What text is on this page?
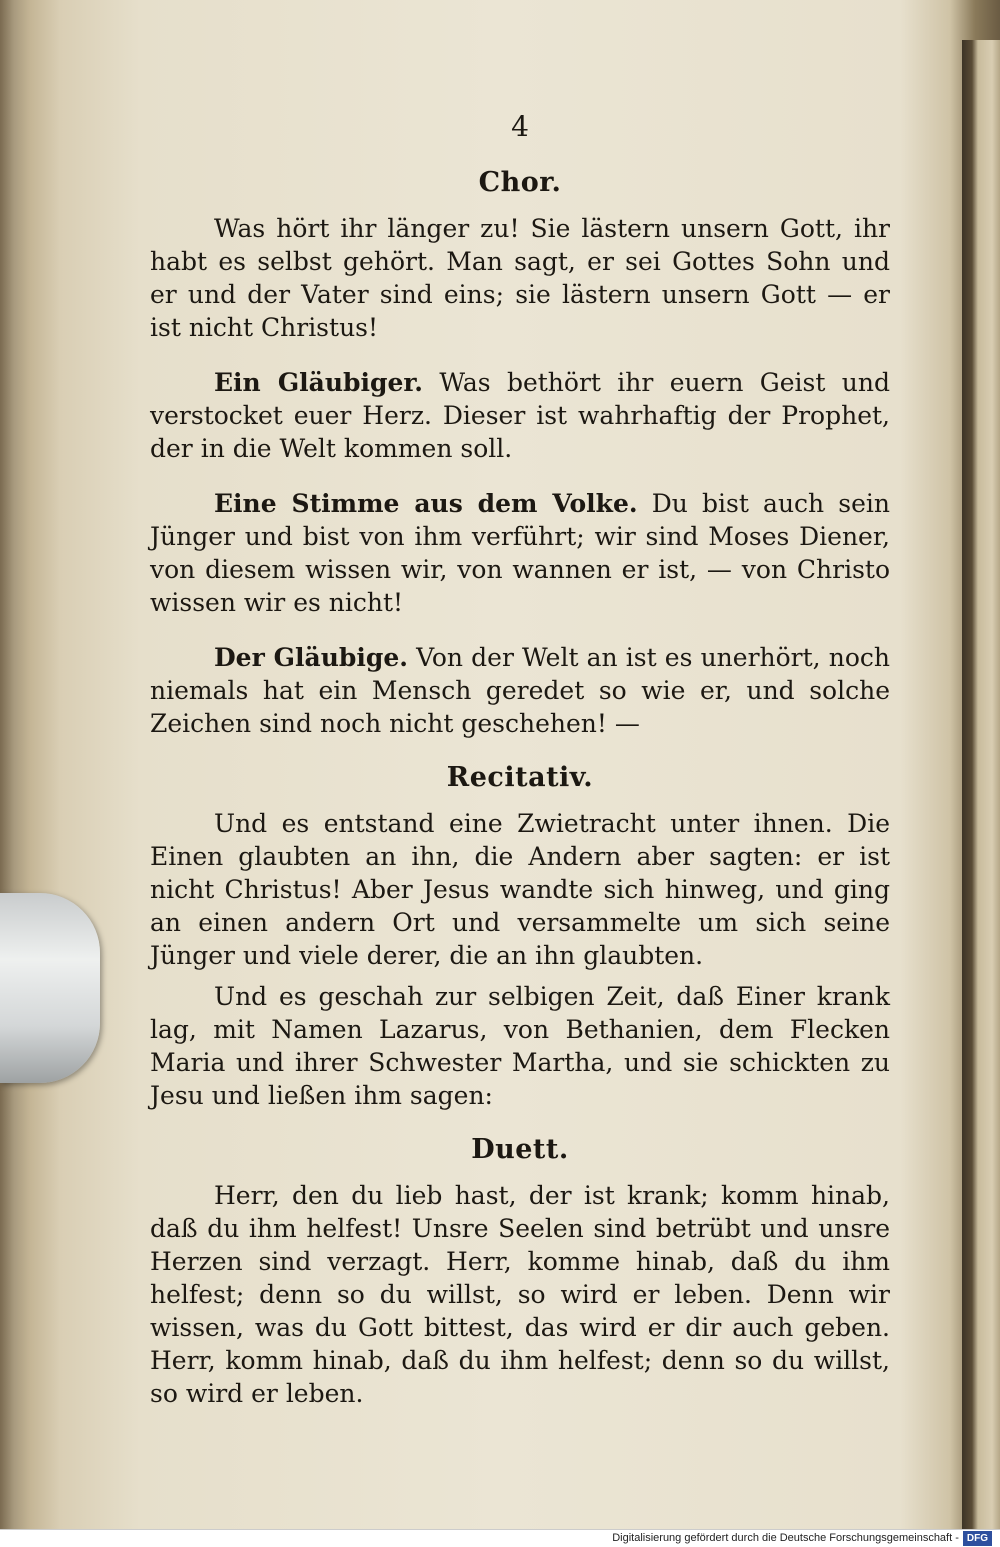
4
Chor.

Was hört ihr länger zu! Sie lästern unsern Gott, ihr habt es selbst gehört. Man sagt, er sei Gottes Sohn und er und der Vater sind eins; sie lästern unsern Gott — er ist nicht Christus!

Ein Gläubiger. Was bethört ihr euern Geist und verstocket euer Herz. Dieser ist wahrhaftig der Prophet, der in die Welt kommen soll.

Eine Stimme aus dem Volke. Du bist auch sein Jünger und bist von ihm verführt; wir sind Moses Diener, von diesem wissen wir, von wannen er ist, — von Christo wissen wir es nicht!

Der Gläubige. Von der Welt an ist es unerhört, noch niemals hat ein Mensch geredet so wie er, und solche Zeichen sind noch nicht geschehen! —

Recitativ.

Und es entstand eine Zwietracht unter ihnen. Die Einen glaubten an ihn, die Andern aber sagten: er ist nicht Christus! Aber Jesus wandte sich hinweg, und ging an einen andern Ort und versammelte um sich seine Jünger und viele derer, die an ihn glaubten.

Und es geschah zur selbigen Zeit, daß Einer krank lag, mit Namen Lazarus, von Bethanien, dem Flecken Maria und ihrer Schwester Martha, und sie schickten zu Jesu und ließen ihm sagen:

Duett.

Herr, den du lieb hast, der ist krank; komm hinab, daß du ihm helfest! Unsre Seelen sind betrübt und unsre Herzen sind verzagt. Herr, komme hinab, daß du ihm helfest; denn so du willst, so wird er leben. Denn wir wissen, was du Gott bittest, das wird er dir auch geben. Herr, komm hinab, daß du ihm helfest; denn so du willst, so wird er leben.

Digitalisierung gefördert durch die Deutsche Forschungsgemeinschaft - DFG
